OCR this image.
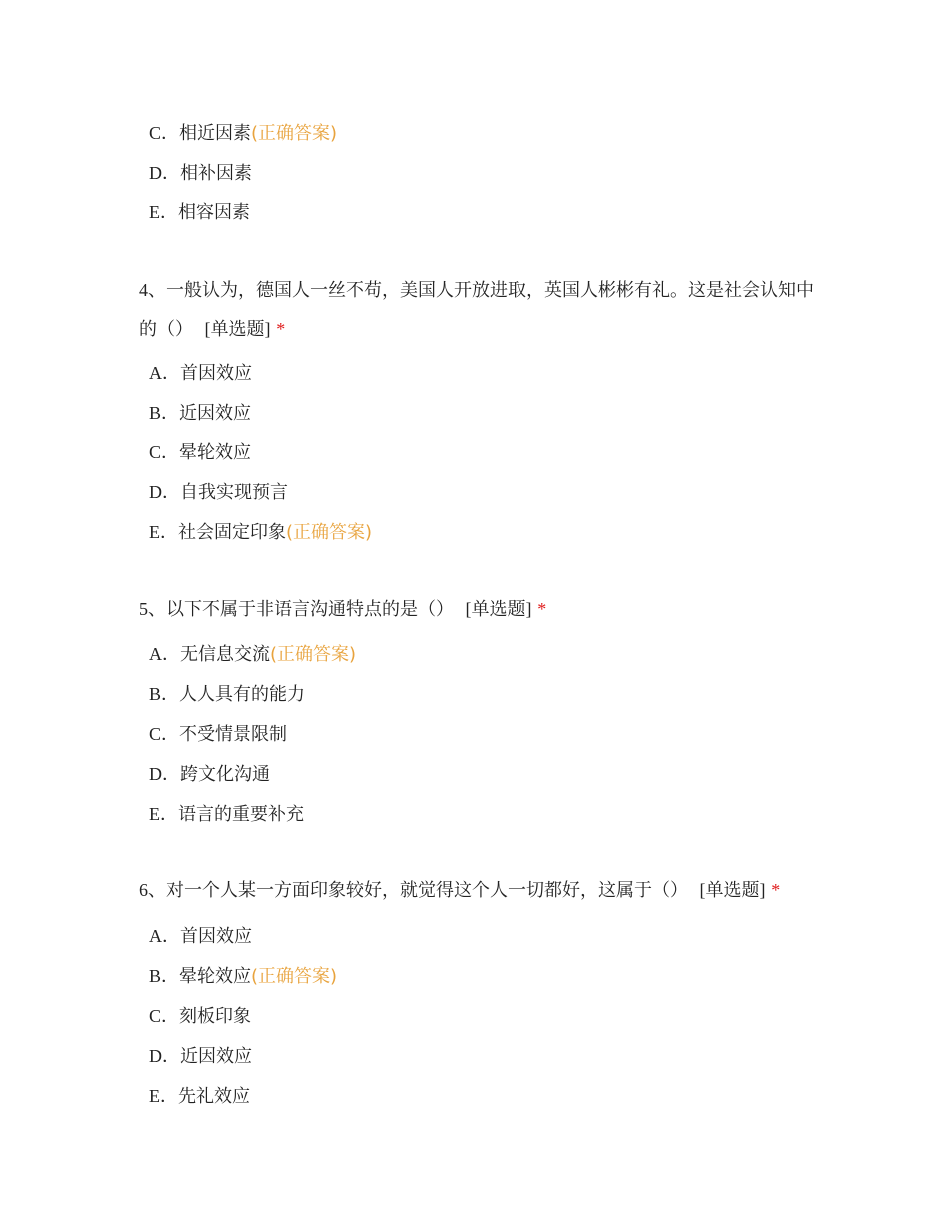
C．相近因素(正确答案)
D．相补因素
E．相容因素
4、一般认为，德国人一丝不苟，美国人开放进取，英国人彬彬有礼。这是社会认知中的（） [单选题] *
A．首因效应
B．近因效应
C．晕轮效应
D．自我实现预言
E．社会固定印象(正确答案)
5、以下不属于非语言沟通特点的是（） [单选题] *
A．无信息交流(正确答案)
B．人人具有的能力
C．不受情景限制
D．跨文化沟通
E．语言的重要补充
6、对一个人某一方面印象较好，就觉得这个人一切都好，这属于（） [单选题] *
A．首因效应
B．晕轮效应(正确答案)
C．刻板印象
D．近因效应
E．先礼效应
